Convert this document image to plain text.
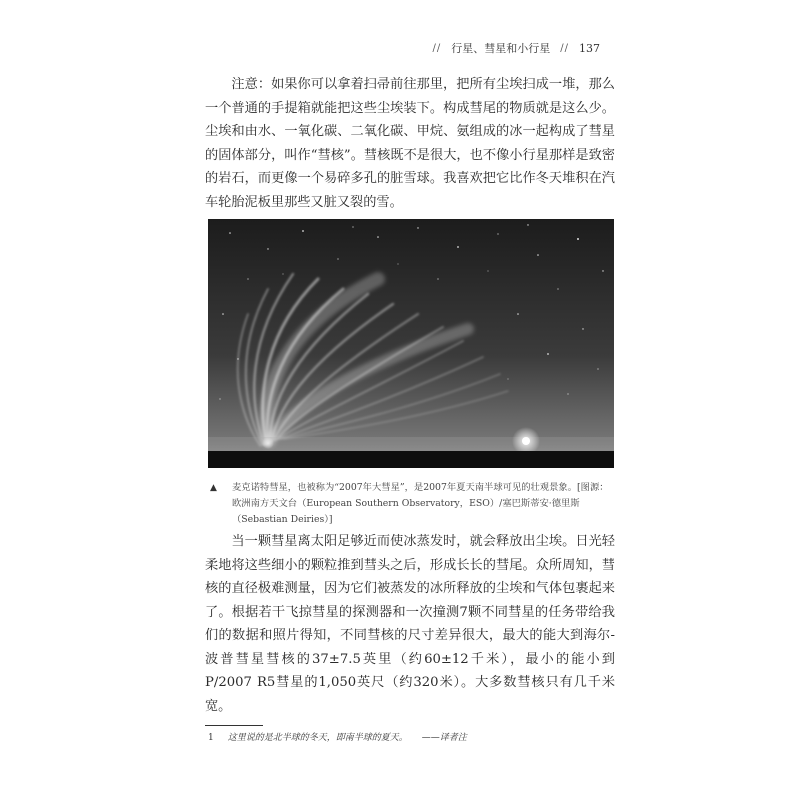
// 行星、彗星和小行星 // 137

注意：如果你可以拿着扫帚前往那里，把所有尘埃扫成一堆，那么一个普通的手提箱就能把这些尘埃装下。构成彗尾的物质就是这么少。尘埃和由水、一氧化碳、二氧化碳、甲烷、氨组成的冰一起构成了彗星的固体部分，叫作“彗核”。彗核既不是很大，也不像小行星那样是致密的岩石，而更像一个易碎多孔的脏雪球。我喜欢把它比作冬天堆积在汽车轮胎泥板里那些又脏又裂的雪。

▲	麦克诺特彗星，也被称为“2007年大彗星”，是2007年夏天南半球可见的壮观景象。[图源：欧洲南方天文台（European Southern Observatory，ESO）/塞巴斯蒂安·德里斯（Sebastian Deiries）]

当一颗彗星离太阳足够近而使冰蒸发时，就会释放出尘埃。日光轻柔地将这些细小的颗粒推到彗头之后，形成长长的彗尾。众所周知，彗核的直径极难测量，因为它们被蒸发的冰所释放的尘埃和气体包裹起来了。根据若干飞掠彗星的探测器和一次撞测7颗不同彗星的任务带给我们的数据和照片得知，不同彗核的尺寸差异很大，最大的能大到海尔-波普彗星彗核的37±7.5英里（约60±12千米），最小的能小到P/2007 R5彗星的1,050英尺（约320米）。大多数彗核只有几千米宽。

1 这里说的是北半球的冬天，即南半球的夏天。 ——译者注
